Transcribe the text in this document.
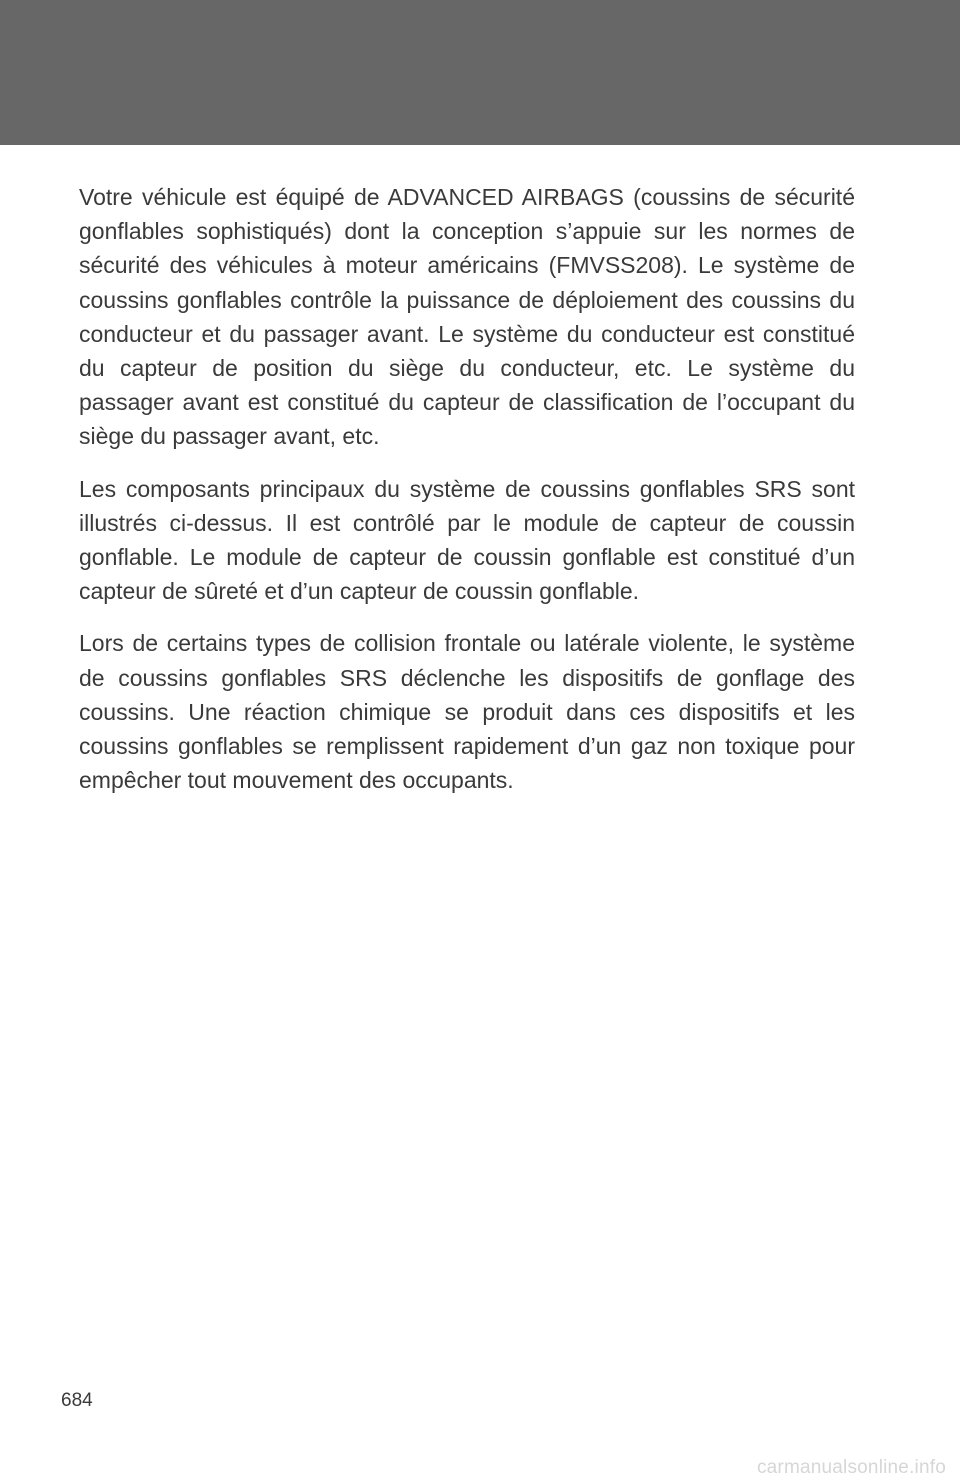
Votre véhicule est équipé de ADVANCED AIRBAGS (coussins de sécurité gonflables sophistiqués) dont la conception s’appuie sur les normes de sécurité des véhicules à moteur américains (FMVSS208). Le système de coussins gonflables contrôle la puissance de déploiement des coussins du conducteur et du passager avant. Le système du conducteur est constitué du capteur de position du siège du conducteur, etc. Le système du passager avant est constitué du capteur de classification de l’occupant du siège du passager avant, etc.

Les composants principaux du système de coussins gonflables SRS sont illustrés ci-dessus. Il est contrôlé par le module de capteur de coussin gonflable. Le module de capteur de coussin gonflable est constitué d’un capteur de sûreté et d’un capteur de coussin gonflable.

Lors de certains types de collision frontale ou latérale violente, le système de coussins gonflables SRS déclenche les dispositifs de gonflage des coussins. Une réaction chimique se produit dans ces dispositifs et les coussins gonflables se remplissent rapidement d’un gaz non toxique pour empêcher tout mouvement des occupants.

684
carmanualsonline.info
